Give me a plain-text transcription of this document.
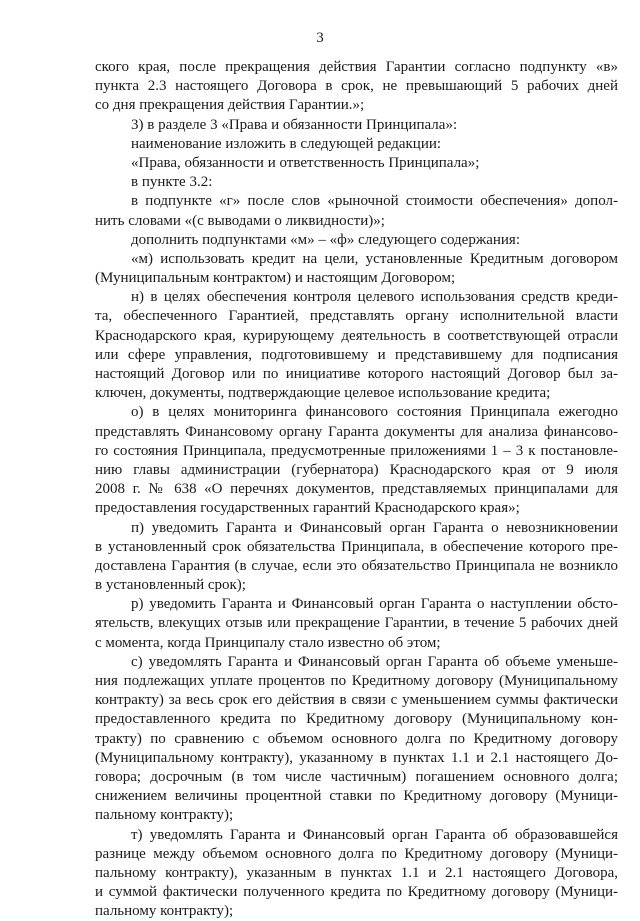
3
ского края, после прекращения действия Гарантии согласно подпункту «в»
пункта 2.3 настоящего Договора в срок, не превышающий 5 рабочих дней
со дня прекращения действия Гарантии.»;
3) в разделе 3 «Права и обязанности Принципала»:
наименование изложить в следующей редакции:
«Права, обязанности и ответственность Принципала»;
в пункте 3.2:
в подпункте «г» после слов «рыночной стоимости обеспечения» допол-
нить словами «(с выводами о ликвидности)»;
дополнить подпунктами «м» – «ф» следующего содержания:
«м) использовать кредит на цели, установленные Кредитным договором
(Муниципальным контрактом) и настоящим Договором;
н) в целях обеспечения контроля целевого использования средств креди-
та, обеспеченного Гарантией, представлять органу исполнительной власти
Краснодарского края, курирующему деятельность в соответствующей отрасли
или сфере управления, подготовившему и представившему для подписания
настоящий Договор или по инициативе которого настоящий Договор был за-
ключен, документы, подтверждающие целевое использование кредита;
о) в целях мониторинга финансового состояния Принципала ежегодно
представлять Финансовому органу Гаранта документы для анализа финансово-
го состояния Принципала, предусмотренные приложениями 1 – 3 к постановле-
нию главы администрации (губернатора) Краснодарского края от 9 июля
2008 г. № 638 «О перечнях документов, представляемых принципалами для
предоставления государственных гарантий Краснодарского края»;
п) уведомить Гаранта и Финансовый орган Гаранта о невозникновении
в установленный срок обязательства Принципала, в обеспечение которого пре-
доставлена Гарантия (в случае, если это обязательство Принципала не возникло
в установленный срок);
р) уведомить Гаранта и Финансовый орган Гаранта о наступлении обсто-
ятельств, влекущих отзыв или прекращение Гарантии, в течение 5 рабочих дней
с момента, когда Принципалу стало известно об этом;
с) уведомлять Гаранта и Финансовый орган Гаранта об объеме уменьше-
ния подлежащих уплате процентов по Кредитному договору (Муниципальному
контракту) за весь срок его действия в связи с уменьшением суммы фактически
предоставленного кредита по Кредитному договору (Муниципальному кон-
тракту) по сравнению с объемом основного долга по Кредитному договору
(Муниципальному контракту), указанному в пунктах 1.1 и 2.1 настоящего До-
говора; досрочным (в том числе частичным) погашением основного долга;
снижением величины процентной ставки по Кредитному договору (Муници-
пальному контракту);
т) уведомлять Гаранта и Финансовый орган Гаранта об образовавшейся
разнице между объемом основного долга по Кредитному договору (Муници-
пальному контракту), указанным в пунктах 1.1 и 2.1 настоящего Договора,
и суммой фактически полученного кредита по Кредитному договору (Муници-
пальному контракту);
